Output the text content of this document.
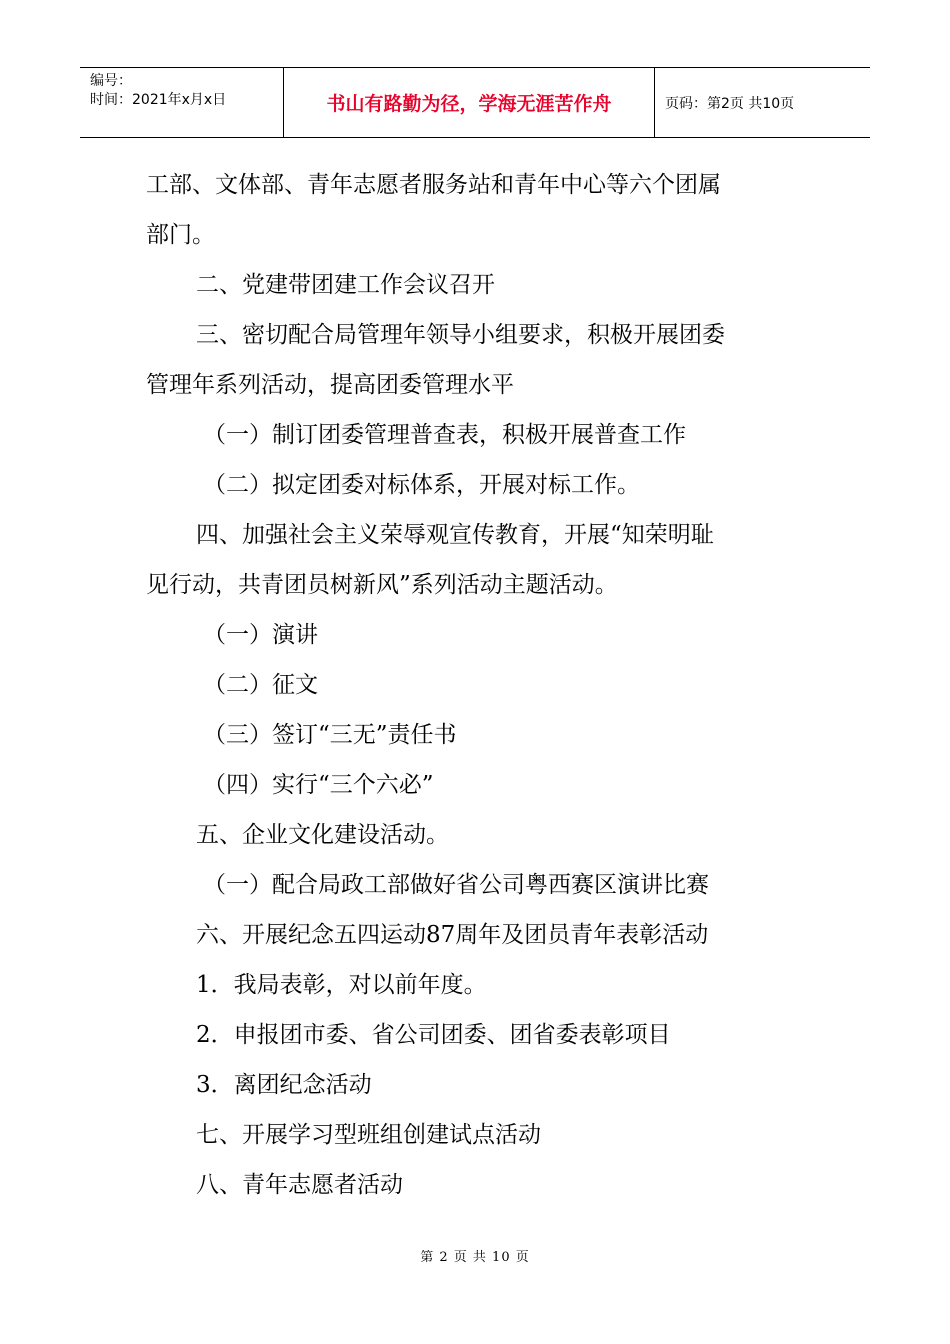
编号：
时间：2021年x月x日	书山有路勤为径，学海无涯苦作舟	页码：第2页 共10页

工部、文体部、青年志愿者服务站和青年中心等六个团属

部门。

二、党建带团建工作会议召开

三、密切配合局管理年领导小组要求，积极开展团委

管理年系列活动，提高团委管理水平

（一）制订团委管理普查表，积极开展普查工作

（二）拟定团委对标体系，开展对标工作。

四、加强社会主义荣辱观宣传教育，开展“知荣明耻

见行动，共青团员树新风”系列活动主题活动。

（一）演讲

（二）征文

（三）签订“三无”责任书

（四）实行“三个六必”

五、企业文化建设活动。

（一）配合局政工部做好省公司粤西赛区演讲比赛

六、开展纪念五四运动87周年及团员青年表彰活动

1．我局表彰，对以前年度。

2．申报团市委、省公司团委、团省委表彰项目

3．离团纪念活动

七、开展学习型班组创建试点活动

八、青年志愿者活动

第 2 页 共 10 页
